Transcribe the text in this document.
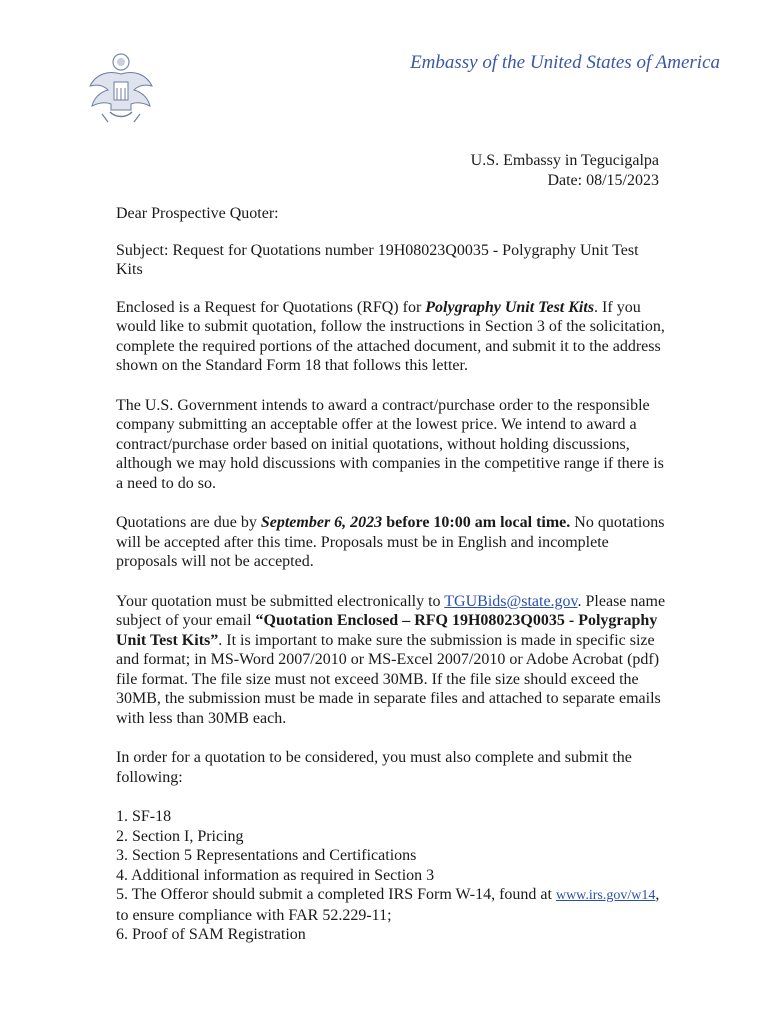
Embassy of the United States of America
U.S. Embassy in Tegucigalpa
Date: 08/15/2023

Dear Prospective Quoter:

Subject: Request for Quotations number 19H08023Q0035 - Polygraphy Unit Test Kits

Enclosed is a Request for Quotations (RFQ) for Polygraphy Unit Test Kits. If you would like to submit quotation, follow the instructions in Section 3 of the solicitation, complete the required portions of the attached document, and submit it to the address shown on the Standard Form 18 that follows this letter.

The U.S. Government intends to award a contract/purchase order to the responsible company submitting an acceptable offer at the lowest price. We intend to award a contract/purchase order based on initial quotations, without holding discussions, although we may hold discussions with companies in the competitive range if there is a need to do so.

Quotations are due by September 6, 2023 before 10:00 am local time. No quotations will be accepted after this time. Proposals must be in English and incomplete proposals will not be accepted.

Your quotation must be submitted electronically to TGUBids@state.gov. Please name subject of your email “Quotation Enclosed – RFQ 19H08023Q0035 - Polygraphy Unit Test Kits”. It is important to make sure the submission is made in specific size and format; in MS-Word 2007/2010 or MS-Excel 2007/2010 or Adobe Acrobat (pdf) file format. The file size must not exceed 30MB. If the file size should exceed the 30MB, the submission must be made in separate files and attached to separate emails with less than 30MB each.

In order for a quotation to be considered, you must also complete and submit the following:

1. SF-18
2. Section I, Pricing
3. Section 5 Representations and Certifications
4. Additional information as required in Section 3
5. The Offeror should submit a completed IRS Form W-14, found at www.irs.gov/w14, to ensure compliance with FAR 52.229-11;
6. Proof of SAM Registration
